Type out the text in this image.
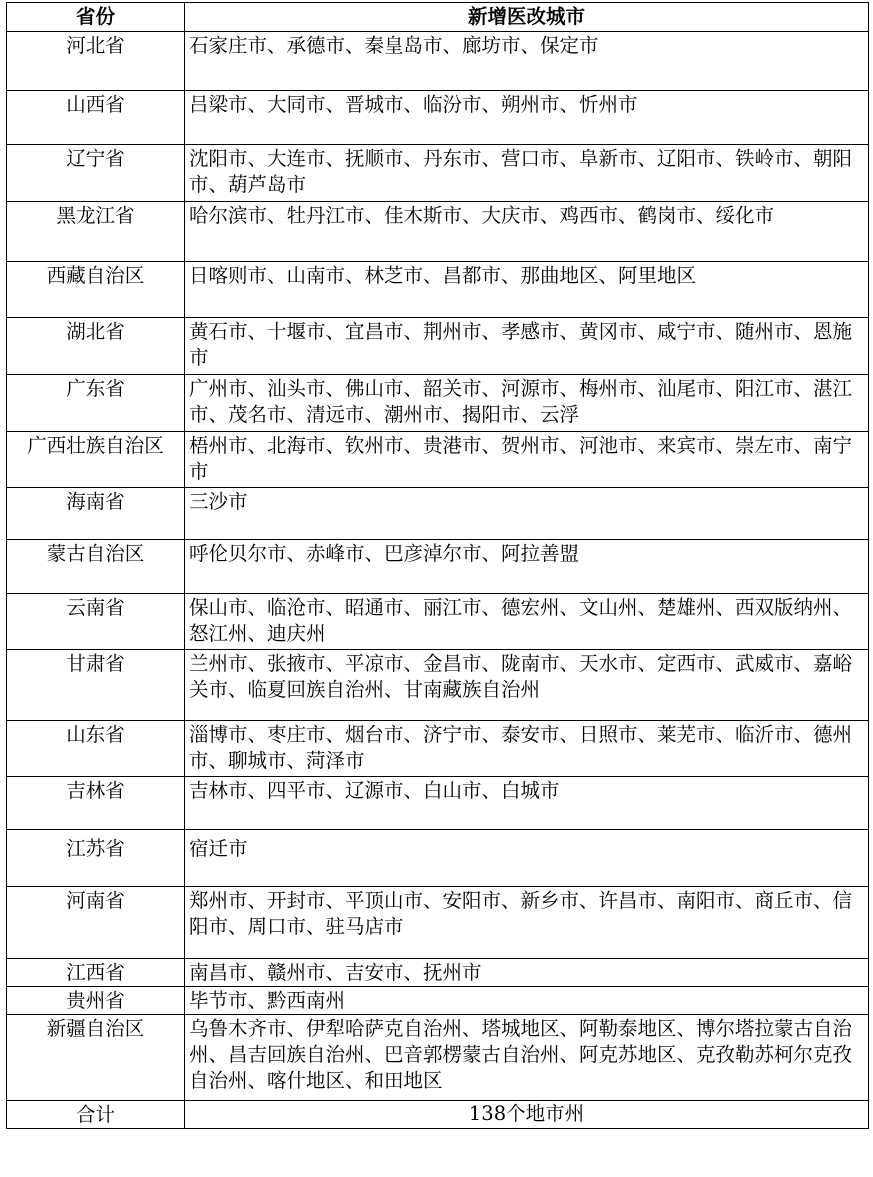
省份	新增医改城市
河北省	石家庄市、承德市、秦皇岛市、廊坊市、保定市
山西省	吕梁市、大同市、晋城市、临汾市、朔州市、忻州市
辽宁省	沈阳市、大连市、抚顺市、丹东市、营口市、阜新市、辽阳市、铁岭市、朝阳市、葫芦岛市
黑龙江省	哈尔滨市、牡丹江市、佳木斯市、大庆市、鸡西市、鹤岗市、绥化市
西藏自治区	日喀则市、山南市、林芝市、昌都市、那曲地区、阿里地区
湖北省	黄石市、十堰市、宜昌市、荆州市、孝感市、黄冈市、咸宁市、随州市、恩施市
广东省	广州市、汕头市、佛山市、韶关市、河源市、梅州市、汕尾市、阳江市、湛江市、茂名市、清远市、潮州市、揭阳市、云浮
广西壮族自治区	梧州市、北海市、钦州市、贵港市、贺州市、河池市、来宾市、崇左市、南宁市
海南省	三沙市
蒙古自治区	呼伦贝尔市、赤峰市、巴彦淖尔市、阿拉善盟
云南省	保山市、临沧市、昭通市、丽江市、德宏州、文山州、楚雄州、西双版纳州、怒江州、迪庆州
甘肃省	兰州市、张掖市、平凉市、金昌市、陇南市、天水市、定西市、武威市、嘉峪关市、临夏回族自治州、甘南藏族自治州
山东省	淄博市、枣庄市、烟台市、济宁市、泰安市、日照市、莱芜市、临沂市、德州市、聊城市、菏泽市
吉林省	吉林市、四平市、辽源市、白山市、白城市
江苏省	宿迁市
河南省	郑州市、开封市、平顶山市、安阳市、新乡市、许昌市、南阳市、商丘市、信阳市、周口市、驻马店市
江西省	南昌市、赣州市、吉安市、抚州市
贵州省	毕节市、黔西南州
新疆自治区	乌鲁木齐市、伊犁哈萨克自治州、塔城地区、阿勒泰地区、博尔塔拉蒙古自治州、昌吉回族自治州、巴音郭楞蒙古自治州、阿克苏地区、克孜勒苏柯尔克孜自治州、喀什地区、和田地区
合计	138个地市州
